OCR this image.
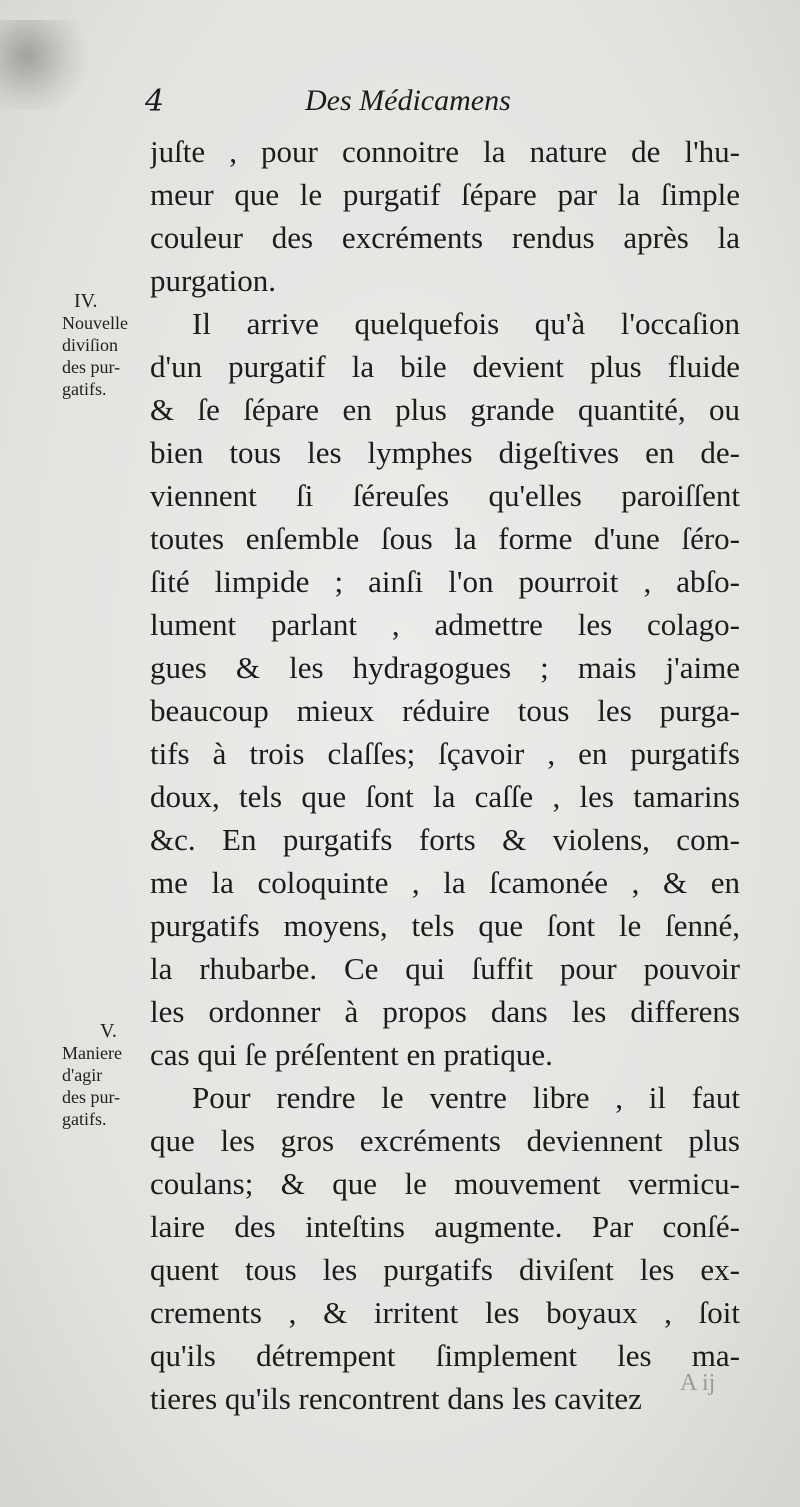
4	Des Médicamens
juſte , pour connoitre la nature de l'hu-
meur que le purgatif ſépare par la ſimple
couleur des excréments rendus après la
purgation.
Il arrive quelquefois qu'à l'occaſion
d'un purgatif la bile devient plus fluide
& ſe ſépare en plus grande quantité, ou
bien tous les lymphes digeſtives en de-
viennent ſi ſéreuſes qu'elles paroiſſent
toutes enſemble ſous la forme d'une ſéro-
ſité limpide ; ainſi l'on pourroit , abſo-
lument parlant , admettre les colago-
gues & les hydragogues ; mais j'aime
beaucoup mieux réduire tous les purga-
tifs à trois claſſes; ſçavoir , en purgatifs
doux, tels que ſont la caſſe , les tamarins
&c. En purgatifs forts & violens, com-
me la coloquinte , la ſcamonée , & en
purgatifs moyens, tels que ſont le ſenné,
la rhubarbe. Ce qui ſuffit pour pouvoir
les ordonner à propos dans les differens
cas qui ſe préſentent en pratique.
Pour rendre le ventre libre , il faut
que les gros excréments deviennent plus
coulans; & que le mouvement vermicu-
laire des inteſtins augmente. Par conſé-
quent tous les purgatifs diviſent les ex-
crements , & irritent les boyaux , ſoit
qu'ils détrempent ſimplement les ma-
tieres qu'ils rencontrent dans les cavitez
IV.
Nouvelle
diviſion
des pur-
gatifs.
V.
Maniere
d'agir
des pur-
gatifs.
A ij
